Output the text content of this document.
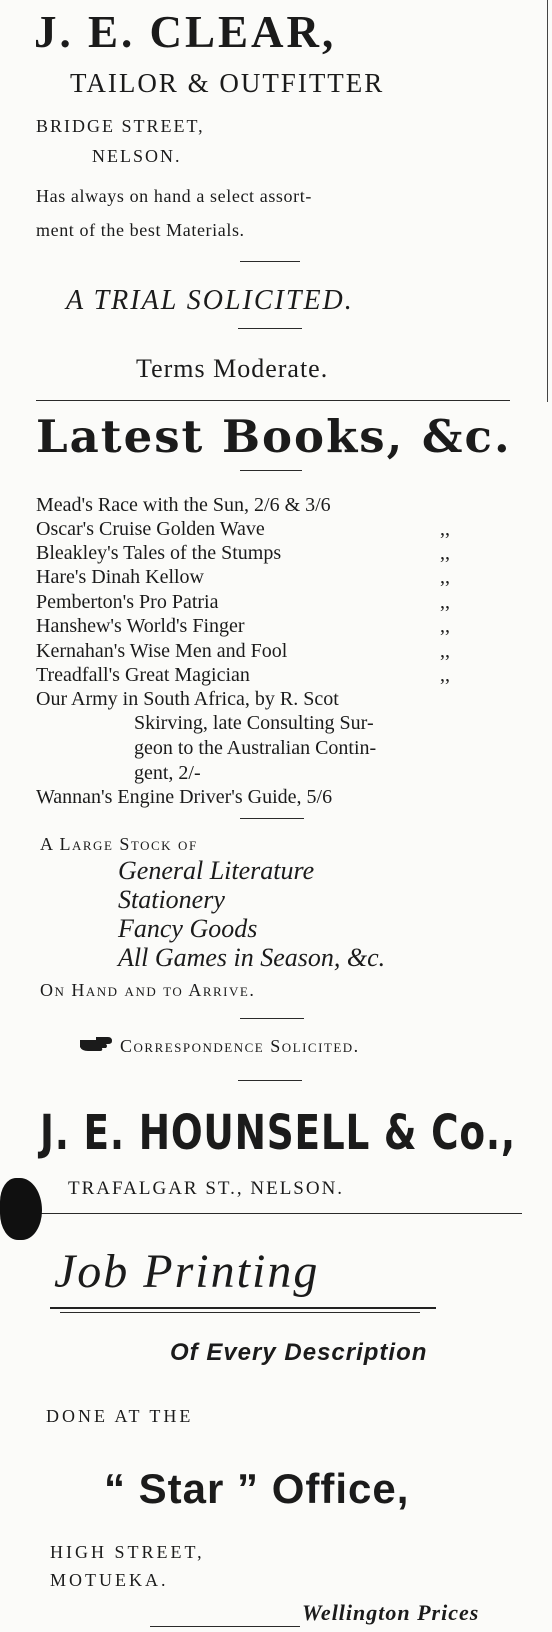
J. E. CLEAR,
TAILOR & OUTFITTER
BRIDGE STREET,
NELSON.
Has always on hand a select assort-
ment of the best Materials.
A TRIAL SOLICITED.
Terms Moderate.
Latest Books, &c.
Mead's Race with the Sun, 2/6 & 3/6
Oscar's Cruise Golden Wave	,,
Bleakley's Tales of the Stumps	,,
Hare's Dinah Kellow	,,
Pemberton's Pro Patria	,,
Hanshew's World's Finger	,,
Kernahan's Wise Men and Fool	,,
Treadfall's Great Magician	,,
Our Army in South Africa, by R. Scot
Skirving, late Consulting Sur-
geon to the Australian Contin-
gent, 2/-
Wannan's Engine Driver's Guide, 5/6
A Large Stock of
General Literature
Stationery
Fancy Goods
All Games in Season, &c.
On Hand and to Arrive.
Correspondence Solicited.
J. E. HOUNSELL & Co.,
TRAFALGAR ST., NELSON.
Job Printing
Of Every Description
DONE AT THE
“ Star ” Office,
HIGH STREET,
MOTUEKA.
Wellington Prices
